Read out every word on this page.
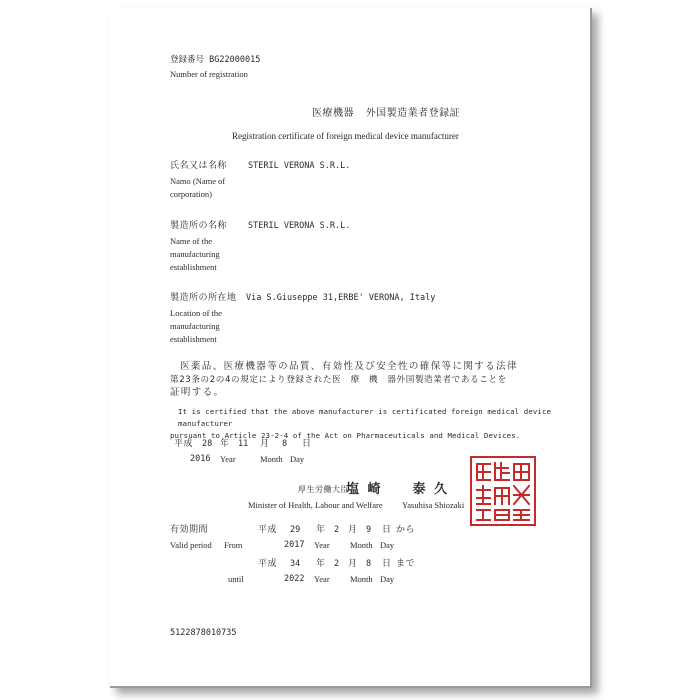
登録番号 BG22000015
Number of registration
医療機器 外国製造業者登録証
Registration certificate of foreign medical device manufacturer
氏名又は名称
Namo (Name of
corporation)
STERIL VERONA S.R.L.
製造所の名称
Name of the
manufacturing
establishment
STERIL VERONA S.R.L.
製造所の所在地
Location of the
manufacturing
establishment
Via S.Giuseppe 31,ERBE' VERONA, Italy
医薬品、医療機器等の品質、有効性及び安全性の確保等に関する法律
第23条の2の4の規定により登録された医　療　機　器外国製造業者であることを
証明する。
It is certified that the above manufacturer is certificated foreign medical device manufacturer
pursuant to Article 23-2-4 of the Act on Pharmaceuticals and Medical Devices.
平成 28 年 11 月 8 日
2016 Year	Month Day
厚生労働大臣
塩 崎　　泰 久
Minister of Health, Labour and Welfare Yasuhisa Shiozaki
有効期間
Valid period From
平成 29 年 2 月 9 日 から
2017 Year Month Day
平成 34 年 2 月 8 日 まで
until	2022 Year Month Day
5122878010735
